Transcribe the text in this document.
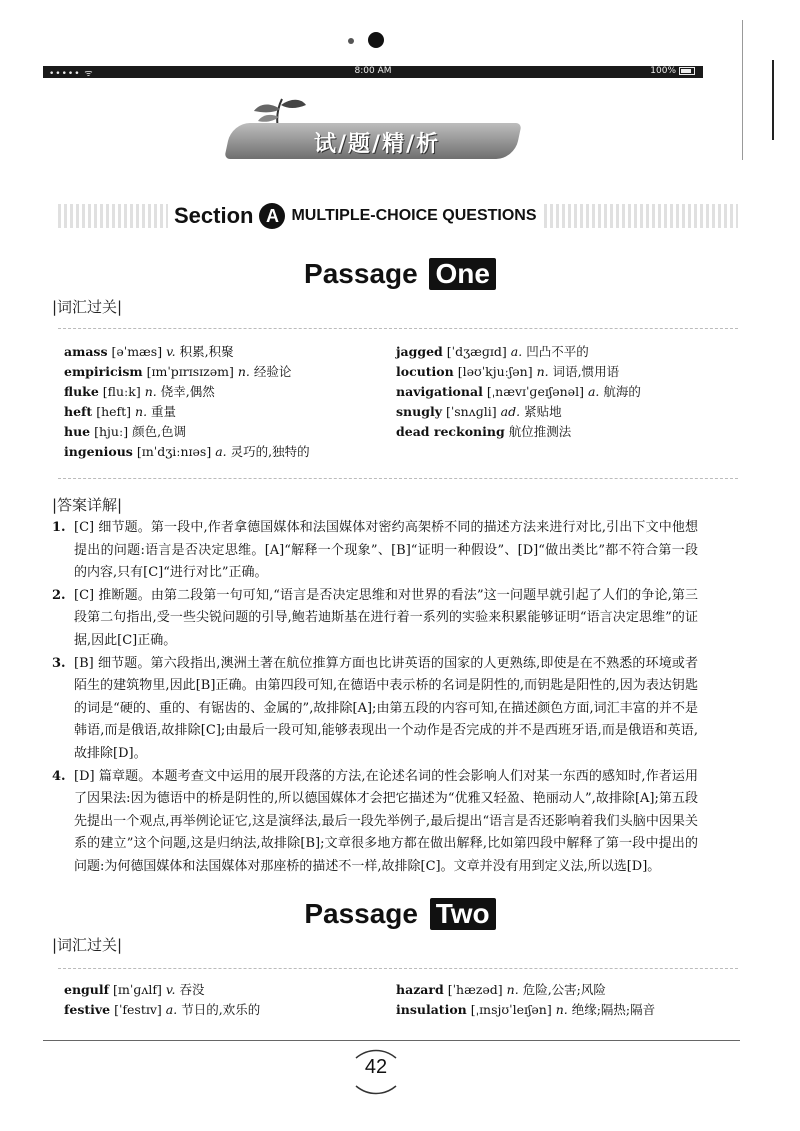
••••• ᯤ	8:00 AM	100%
试/题/精/析
Section A MULTIPLE-CHOICE QUESTIONS
Passage One
|词汇过关|
amass [əˈmæs] v. 积累,积聚
empiricism [ɪmˈpɪrɪsɪzəm] n. 经验论
fluke [fluːk] n. 侥幸,偶然
heft [heft] n. 重量
hue [hjuː] 颜色,色调
ingenious [ɪnˈdʒiːnɪəs] a. 灵巧的,独特的
jagged [ˈdʒæɡɪd] a. 凹凸不平的
locution [ləʊˈkjuːʃən] n. 词语,惯用语
navigational [ˌnævɪˈɡeɪʃənəl] a. 航海的
snugly [ˈsnʌɡli] ad. 紧贴地
dead reckoning 航位推测法
|答案详解|
1. [C] 细节题。第一段中,作者拿德国媒体和法国媒体对密约高架桥不同的描述方法来进行对比,引出下文中他想提出的问题:语言是否决定思维。[A]“解释一个现象”、[B]“证明一种假设”、[D]“做出类比”都不符合第一段的内容,只有[C]“进行对比”正确。
2. [C] 推断题。由第二段第一句可知,“语言是否决定思维和对世界的看法”这一问题早就引起了人们的争论,第三段第二句指出,受一些尖锐问题的引导,鲍若迪斯基在进行着一系列的实验来积累能够证明“语言决定思维”的证据,因此[C]正确。
3. [B] 细节题。第六段指出,澳洲土著在航位推算方面也比讲英语的国家的人更熟练,即使是在不熟悉的环境或者陌生的建筑物里,因此[B]正确。由第四段可知,在德语中表示桥的名词是阴性的,而钥匙是阳性的,因为表达钥匙的词是“硬的、重的、有锯齿的、金属的”,故排除[A];由第五段的内容可知,在描述颜色方面,词汇丰富的并不是韩语,而是俄语,故排除[C];由最后一段可知,能够表现出一个动作是否完成的并不是西班牙语,而是俄语和英语,故排除[D]。
4. [D] 篇章题。本题考查文中运用的展开段落的方法,在论述名词的性会影响人们对某一东西的感知时,作者运用了因果法:因为德语中的桥是阴性的,所以德国媒体才会把它描述为“优雅又轻盈、艳丽动人”,故排除[A];第五段先提出一个观点,再举例论证它,这是演绎法,最后一段先举例子,最后提出“语言是否还影响着我们头脑中因果关系的建立”这个问题,这是归纳法,故排除[B];文章很多地方都在做出解释,比如第四段中解释了第一段中提出的问题:为何德国媒体和法国媒体对那座桥的描述不一样,故排除[C]。文章并没有用到定义法,所以选[D]。
Passage Two
|词汇过关|
engulf [ɪnˈɡʌlf] v. 吞没
festive [ˈfestɪv] a. 节日的,欢乐的
hazard [ˈhæzəd] n. 危险,公害;风险
insulation [ˌɪnsjʊˈleɪʃən] n. 绝缘;隔热;隔音
42
